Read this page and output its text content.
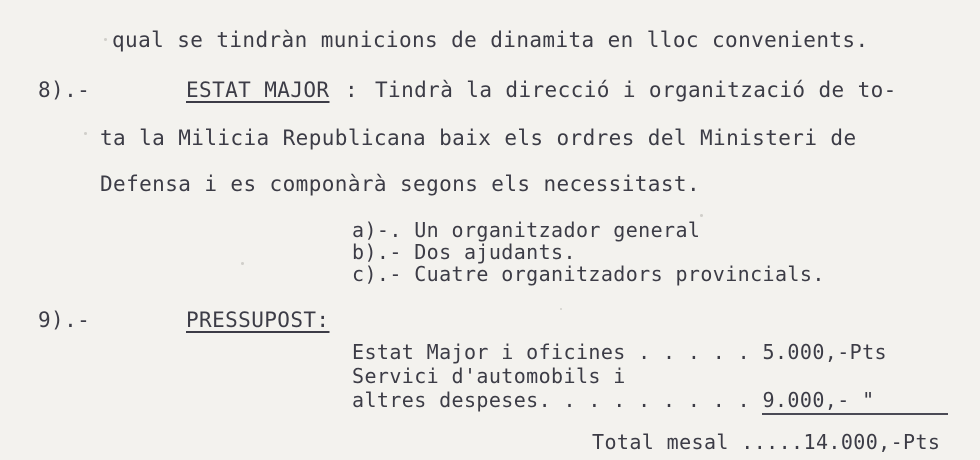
qual se tindràn municions de dinamita en lloc convenients.
8).-	ESTAT MAJOR : Tindrà la direcció i organització de to-
ta la Milicia Republicana baix els ordres del Ministeri de
Defensa i es componàrà segons els necessitast.
a)-. Un organitzador general
b).- Dos ajudants.
c).- Cuatre organitzadors provincials.
9).-	PRESSUPOST:
Estat Major i oficines . . . . . 5.000,-Pts
Servici d'automobils i
altres despeses. . . . . . . . . 9.000,- "
Total mesal .....14.000,-Pts
